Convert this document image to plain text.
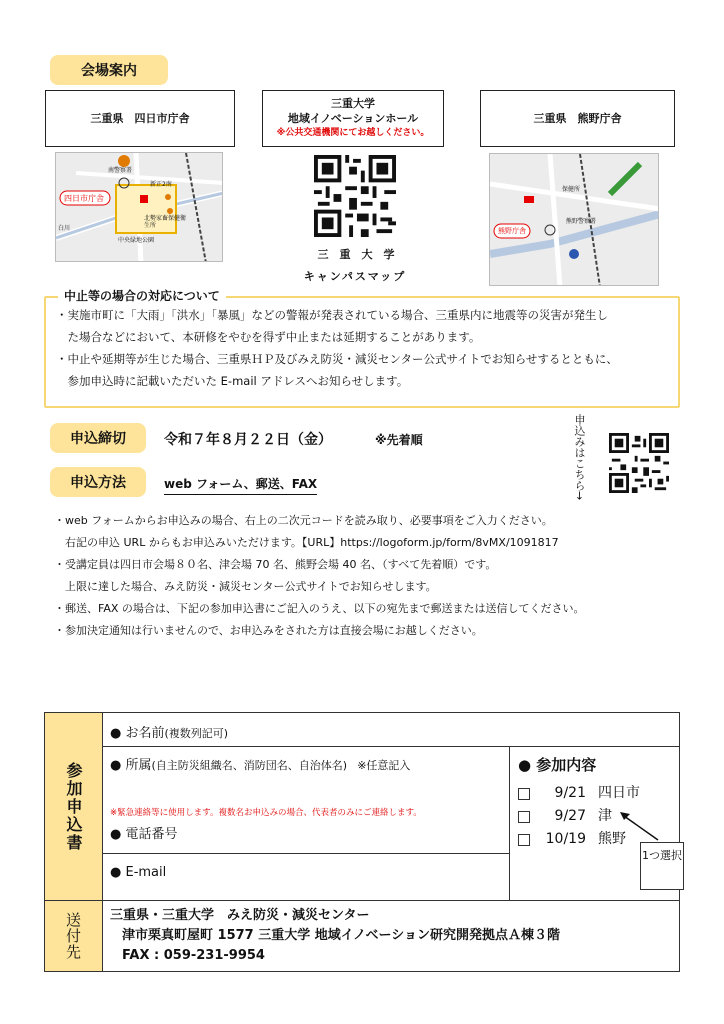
会場案内
三重県　四日市庁舎
三重大学
地域イノベーションホール
※公共交通機関にてお越しください。
三重県　熊野庁舎
四日市庁舎
南警察署
新正2南
北勢家畜保健衛生所
中央緑地公園
白川
三　重　大　学
キャンパスマップ
熊野庁舎
保健所
熊野警察署
中止等の場合の対応について
・実施市町に「大雨」「洪水」「暴風」などの警報が発表されている場合、三重県内に地震等の災害が発生し
　た場合などにおいて、本研修をやむを得ず中止または延期することがあります。
・中止や延期等が生じた場合、三重県ＨＰ及びみえ防災・減災センター公式サイトでお知らせするとともに、
　参加申込時に記載いただいた E-mail アドレスへお知らせします。
申込締切	令和７年８月２２日（金）	※先着順
申込方法	web フォーム、郵送、FAX	申込みはこちら→
・web フォームからお申込みの場合、右上の二次元コードを読み取り、必要事項をご入力ください。
　右記の申込 URL からもお申込みいただけます。【URL】https://logoform.jp/form/8vMX/1091817
・受講定員は四日市会場８０名、津会場 70 名、熊野会場 40 名、（すべて先着順）です。
　上限に達した場合、みえ防災・減災センター公式サイトでお知らせします。
・郵送、FAX の場合は、下記の参加申込書にご記入のうえ、以下の宛先まで郵送または送信してください。
・参加決定通知は行いませんので、お申込みをされた方は直接会場にお越しください。
参加申込書
送付先
● お名前(複数列記可)
● 所属(自主防災組織名、消防団名、自治体名) ※任意記入
※緊急連絡等に使用します。複数名お申込みの場合、代表者のみにご連絡します。
● 電話番号
● E-mail
● 参加内容
9/21 四日市
9/27 津
10/19 熊野
1つ選択
三重県・三重大学　みえ防災・減災センター
津市栗真町屋町 1577 三重大学 地域イノベーション研究開発拠点Ａ棟３階
FAX : 059-231-9954
